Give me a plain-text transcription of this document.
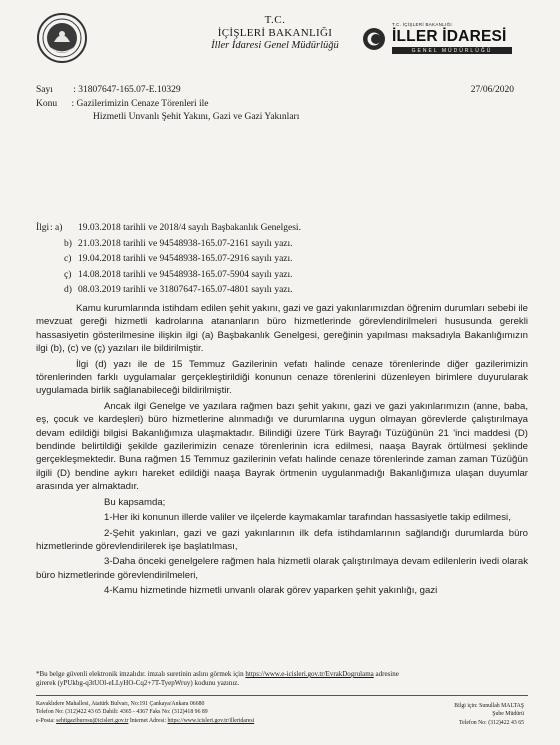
T.C.
İÇİŞLERİ BAKANLIĞI
İller İdaresi Genel Müdürlüğü
T.C. İÇİŞLERİ BAKANLIĞI
İLLER İDARESİ
GENEL MÜDÜRLÜĞÜ
Sayı : 31807647-165.07-E.10329	27/06/2020
Konu : Gazilerimizin Cenaze Törenleri ile
Hizmetli Unvanlı Şehit Yakını, Gazi ve Gazi Yakınları
İlgi : a)	19.03.2018 tarihli ve 2018/4 sayılı Başbakanlık Genelgesi.
b) 21.03.2018 tarihli ve 94548938-165.07-2161 sayılı yazı.
c) 19.04.2018 tarihli ve 94548938-165.07-2916 sayılı yazı.
ç) 14.08.2018 tarihli ve 94548938-165.07-5904 sayılı yazı.
d) 08.03.2019 tarihli ve 31807647-165.07-4801 sayılı yazı.

Kamu kurumlarında istihdam edilen şehit yakını, gazi ve gazi yakınlarımızdan öğrenim durumları sebebi ile mevzuat gereği hizmetli kadrolarına atananların büro hizmetlerinde görevlendirilmeleri hususunda gerekli hassasiyetin gösterilmesine ilişkin ilgi (a) Başbakanlık Genelgesi, gereğinin yapılması maksadıyla Bakanlığımızın ilgi (b), (c) ve (ç) yazıları ile bildirilmiştir.

İlgi (d) yazı ile de 15 Temmuz Gazilerinin vefatı halinde cenaze törenlerinde diğer gazilerimizin törenlerinden farklı uygulamalar gerçekleştirildiği konunun cenaze törenlerini düzenleyen birimlere duyurularak uygulamada birlik sağlanabileceği bildirilmiştir.

Ancak ilgi Genelge ve yazılara rağmen bazı şehit yakını, gazi ve gazi yakınlarımızın (anne, baba, eş, çocuk ve kardeşleri) büro hizmetlerine alınmadığı ve durumlarına uygun olmayan görevlerde çalıştırılmaya devam edildiği bilgisi Bakanlığımıza ulaşmaktadır. Bilindiği üzere Türk Bayrağı Tüzüğünün 21 'inci maddesi (D) bendinde belirtildiği şekilde gazilerimizin cenaze törenlerinin icra edilmesi, naaşa Bayrak örtülmesi şeklinde gerçekleşmektedir. Buna rağmen 15 Temmuz gazilerinin vefatı halinde cenaze törenlerinde zaman zaman Tüzüğün ilgili (D) bendine aykırı hareket edildiği naaşa Bayrak örtmenin uygulanmadığı Bakanlığımıza ulaşan duyumlar arasında yer almaktadır.

Bu kapsamda;

1-Her iki konunun illerde valiler ve ilçelerde kaymakamlar tarafından hassasiyetle takip edilmesi,

2-Şehit yakınları, gazi ve gazi yakınlarının ilk defa istihdamlarının sağlandığı durumlarda büro hizmetlerinde görevlendirilerek işe başlatılması,

3-Daha önceki genelgelere rağmen hala hizmetli olarak çalıştırılmaya devam edilenlerin ivedi olarak büro hizmetlerinde görevlendirilmeleri,

4-Kamu hizmetinde hizmetli unvanlı olarak görev yaparken şehit yakınlığı, gazi

*Bu belge güvenli elektronik imzalıdır. imzalı suretinin aslını görmek için https://www.e-icisleri.gov.tr/EvrakDogrulama adresine
girerek (yPUkbg-q3tUOl-eLLyHO-Cq2+7T-TyepWruy) kodunu yazınız.
Kavaklıdere Mahallesi, Atatürk Bulvarı, No:191 Çankaya/Ankara 06680
Telefon No: (312)422 43 65 Dahili: 4365 - 4367 Faks No: (312)418 96 89
e-Posta: sehitgaziburosu@icisleri.gov.tr İnternet Adresi: https://www.icisleri.gov.tr/illeridaresi
Bilgi için: Sunullah MALTAŞ
Şube Müdürü
Telefon No: (312)422 43 65
